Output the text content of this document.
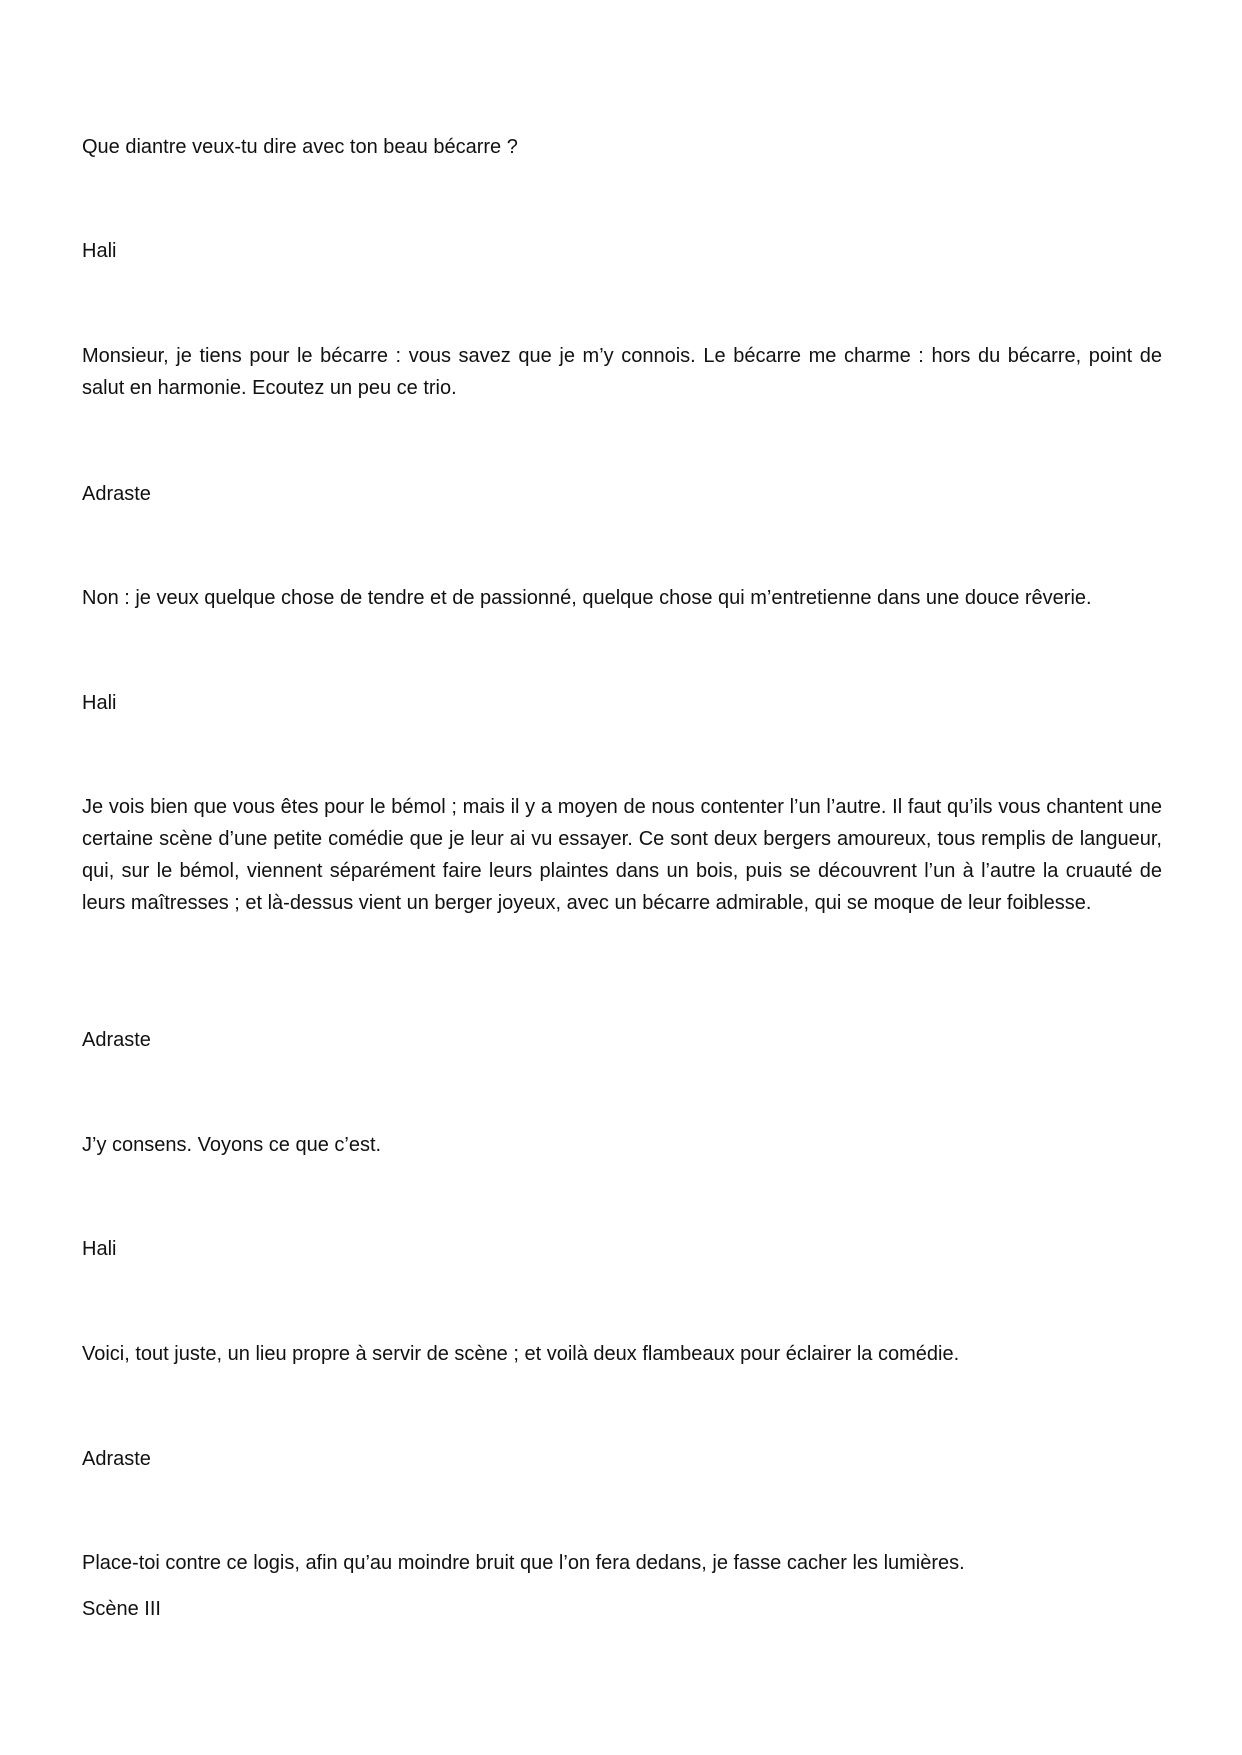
Que diantre veux-tu dire avec ton beau bécarre ?

Hali

Monsieur, je tiens pour le bécarre : vous savez que je m’y connois. Le bécarre me charme : hors du bécarre, point de salut en harmonie. Ecoutez un peu ce trio.

Adraste

Non : je veux quelque chose de tendre et de passionné, quelque chose qui m’entretienne dans une douce rêverie.

Hali

Je vois bien que vous êtes pour le bémol ; mais il y a moyen de nous contenter l’un l’autre. Il faut qu’ils vous chantent une certaine scène d’une petite comédie que je leur ai vu essayer. Ce sont deux bergers amoureux, tous remplis de langueur, qui, sur le bémol, viennent séparément faire leurs plaintes dans un bois, puis se découvrent l’un à l’autre la cruauté de leurs maîtresses ; et là-dessus vient un berger joyeux, avec un bécarre admirable, qui se moque de leur foiblesse.

Adraste

J’y consens. Voyons ce que c’est.

Hali

Voici, tout juste, un lieu propre à servir de scène ; et voilà deux flambeaux pour éclairer la comédie.

Adraste

Place-toi contre ce logis, afin qu’au moindre bruit que l’on fera dedans, je fasse cacher les lumières.

Scène III
